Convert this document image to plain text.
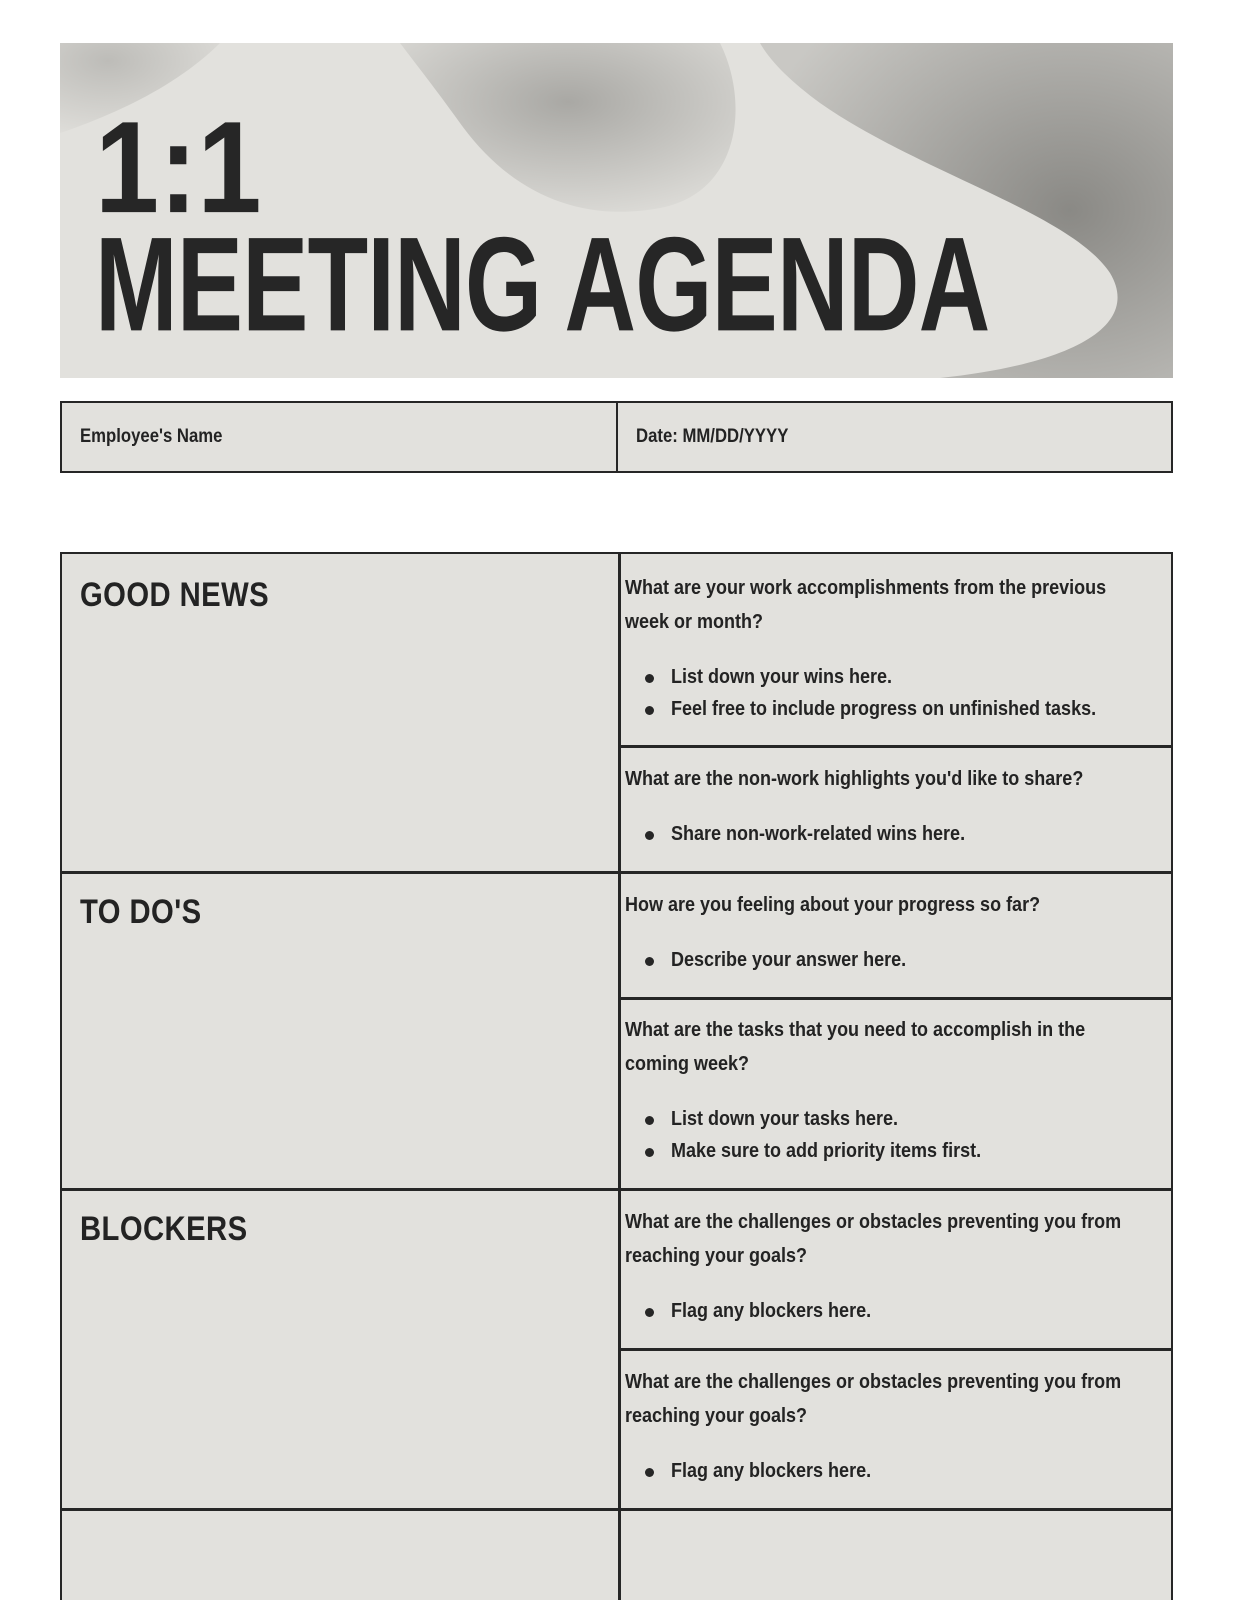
1:1
MEETING AGENDA
Employee's Name	Date: MM/DD/YYYY
GOOD NEWS	What are your work accomplishments from the previous week or month?

List down your wins here.
Feel free to include progress on unfinished tasks.

What are the non-work highlights you'd like to share?

Share non-work-related wins here.
TO DO'S	How are you feeling about your progress so far?

Describe your answer here.

What are the tasks that you need to accomplish in the coming week?

List down your tasks here.
Make sure to add priority items first.
BLOCKERS	What are the challenges or obstacles preventing you from reaching your goals?

Flag any blockers here.

What are the challenges or obstacles preventing you from reaching your goals?

Flag any blockers here.
